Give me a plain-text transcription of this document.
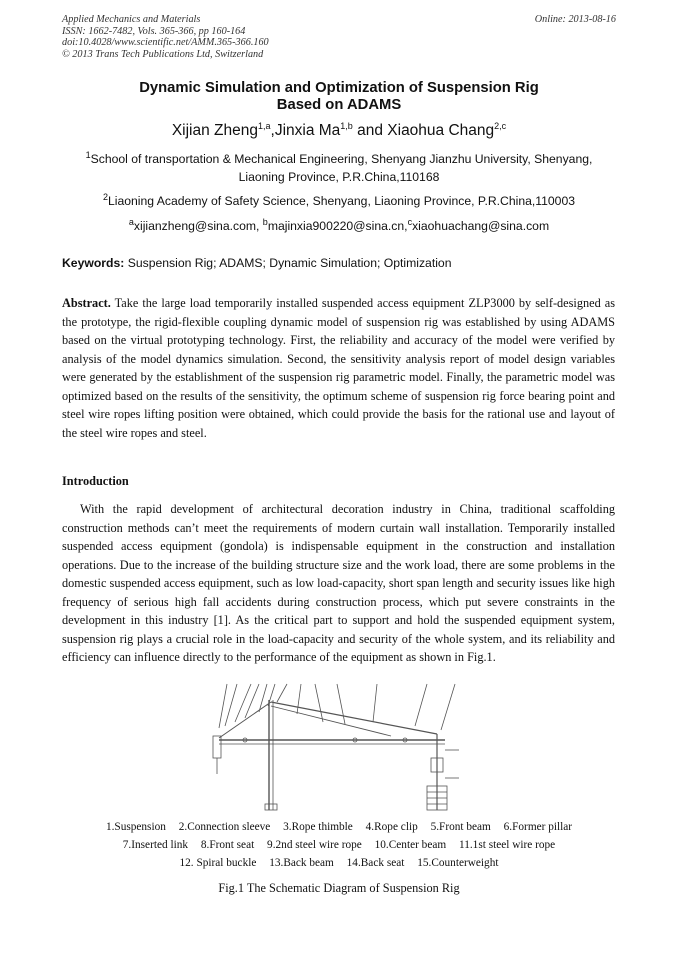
Applied Mechanics and Materials
ISSN: 1662-7482, Vols. 365-366, pp 160-164
doi:10.4028/www.scientific.net/AMM.365-366.160
© 2013 Trans Tech Publications Ltd, Switzerland
Online: 2013-08-16
Dynamic Simulation and Optimization of Suspension Rig
Based on ADAMS
Xijian Zheng$^{1,a}$,Jinxia Ma$^{1,b}$ and Xiaohua Chang$^{2,c}$
$^1$School of transportation & Mechanical Engineering, Shenyang Jianzhu University, Shenyang,
Liaoning Province, P.R.China,110168
$^2$Liaoning Academy of Safety Science, Shenyang, Liaoning Province, P.R.China,110003
$^a$xijianzheng@sina.com, $^b$majinxia900220@sina.cn,$^c$xiaohuachang@sina.com
Keywords: Suspension Rig; ADAMS; Dynamic Simulation; Optimization
Abstract. Take the large load temporarily installed suspended access equipment ZLP3000 by self-designed as the prototype, the rigid-flexible coupling dynamic model of suspension rig was established by using ADAMS based on the virtual prototyping technology. First, the reliability and accuracy of the model were verified by analysis of the model dynamics simulation. Second, the sensitivity analysis report of model design variables were generated by the establishment of the suspension rig parametric model. Finally, the parametric model was optimized based on the results of the sensitivity, the optimum scheme of suspension rig force bearing point and steel wire ropes lifting position were obtained, which could provide the basis for the rational use and layout of the steel wire ropes and steel.
Introduction
With the rapid development of architectural decoration industry in China, traditional scaffolding construction methods can’t meet the requirements of modern curtain wall installation. Temporarily installed suspended access equipment (gondola) is indispensable equipment in the construction and installation operations. Due to the increase of the building structure size and the work load, there are some problems in the domestic suspended access equipment, such as low load-capacity, short span length and security issues like high frequency of serious high fall accidents during construction process, which put severe constraints in the development in this industry [1]. As the critical part to support and hold the suspended equipment system, suspension rig plays a crucial role in the load-capacity and security of the whole system, and its reliability and efficiency can influence directly to the performance of the equipment as shown in Fig.1.
1.Suspension 2.Connection sleeve 3.Rope thimble 4.Rope clip 5.Front beam 6.Former pillar
7.Inserted link 8.Front seat 9.2nd steel wire rope 10.Center beam 11.1st steel wire rope
12. Spiral buckle 13.Back beam 14.Back seat 15.Counterweight
Fig.1 The Schematic Diagram of Suspension Rig
